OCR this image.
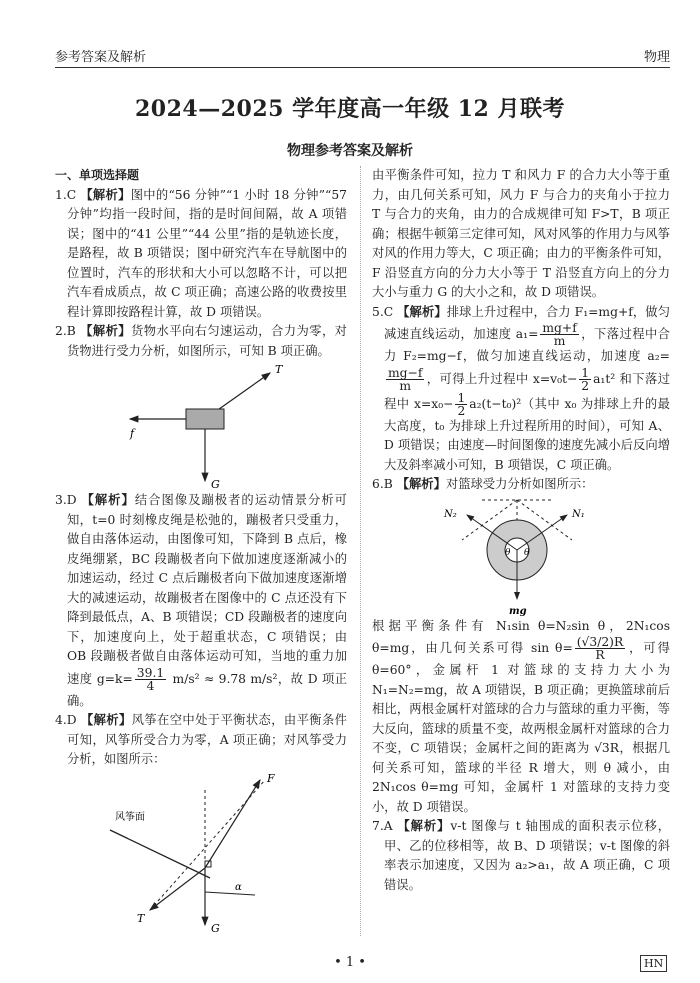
参考答案及解析	物理
2024—2025 学年度高一年级 12 月联考
物理参考答案及解析
一、单项选择题
1.C 【解析】图中的“56 分钟”“1 小时 18 分钟”“57 分钟”均指一段时间，指的是时间间隔，故 A 项错误；图中的“41 公里”“44 公里”指的是轨迹长度，是路程，故 B 项错误；图中研究汽车在导航图中的位置时，汽车的形状和大小可以忽略不计，可以把汽车看成质点，故 C 项正确；高速公路的收费按里程计算即按路程计算，故 D 项错误。
2.B 【解析】货物水平向右匀速运动，合力为零，对货物进行受力分析，如图所示，可知 B 项正确。
T
f
G
3.D 【解析】结合图像及蹦极者的运动情景分析可知，t=0 时刻橡皮绳是松弛的，蹦极者只受重力，做自由落体运动，由图像可知，下降到 B 点后，橡皮绳绷紧，BC 段蹦极者向下做加速度逐渐减小的加速运动，经过 C 点后蹦极者向下做加速度逐渐增大的减速运动，故蹦极者在图像中的 C 点还没有下降到最低点，A、B 项错误；CD 段蹦极者的速度向下，加速度向上，处于超重状态，C 项错误；由 OB 段蹦极者做自由落体运动可知，当地的重力加速度 $g=k= \frac{39.1}{4} m/s^2 \approx 9.78$ m/s²，故 D 项正确。
4.D 【解析】风筝在空中处于平衡状态，由平衡条件可知，风筝所受合力为零，A 项正确；对风筝受力分析，如图所示：
F
T
G
α
风筝面
由平衡条件可知，拉力 T 和风力 F 的合力大小等于重力，由几何关系可知，风力 F 与合力的夹角小于拉力 T 与合力的夹角，由力的合成规律可知 F>T，B 项正确；根据牛顿第三定律可知，风对风筝的作用力与风筝对风的作用力等大，C 项正确；由力的平衡条件可知，F 沿竖直方向的分力大小等于 T 沿竖直方向上的分力大小与重力 G 的大小之和，故 D 项错误。
5.C 【解析】排球上升过程中，合力 F₁=mg+f，做匀减速直线运动，加速度 $a_1= \frac{mg+f}{m}$ ，下落过程中合力 F₂=mg−f，做匀加速直线运动，加速度 a₂=
$\frac{mg-f}{m}$ ，可得上升过程中 $x=v_0t- \frac{1}{2} a_1t^2$ 和下落过程中 $x=x_0- \frac{1}{2} a_2(t-t_0)^2$（其中 x₀ 为排球上升的最大高度，t₀ 为排球上升过程所用的时间），可知 A、D 项错误；由速度—时间图像的速度先减小后反向增大及斜率减小可知，B 项错误，C 项正确。
6.B 【解析】对篮球受力分析如图所示：
N₂	N₁
θ θ
mg
根据平衡条件有 N₁sin θ=N₂sin θ，2N₁cos θ=mg，由几何关系可得 $\sin \theta= \frac{(√3/2)R}{R}$ ，可得 θ=60°，金属杆 1 对篮球的支持力大小为 N₁=N₂=mg，故 A 项错误，B 项正确；更换篮球前后相比，两根金属杆对篮球的合力与篮球的重力平衡，等大反向，篮球的质量不变，故两根金属杆对篮球的合力不变，C 项错误；金属杆之间的距离为 √3R，根据几何关系可知，篮球的半径 R 增大，则 θ 减小，由 2N₁cos θ=mg 可知，金属杆 1 对篮球的支持力变小，故 D 项错误。
7.A 【解析】v-t 图像与 t 轴围成的面积表示位移，甲、乙的位移相等，故 B、D 项错误；v-t 图像的斜率表示加速度，又因为 a₂>a₁，故 A 项正确，C 项错误。
• 1 •	HN
